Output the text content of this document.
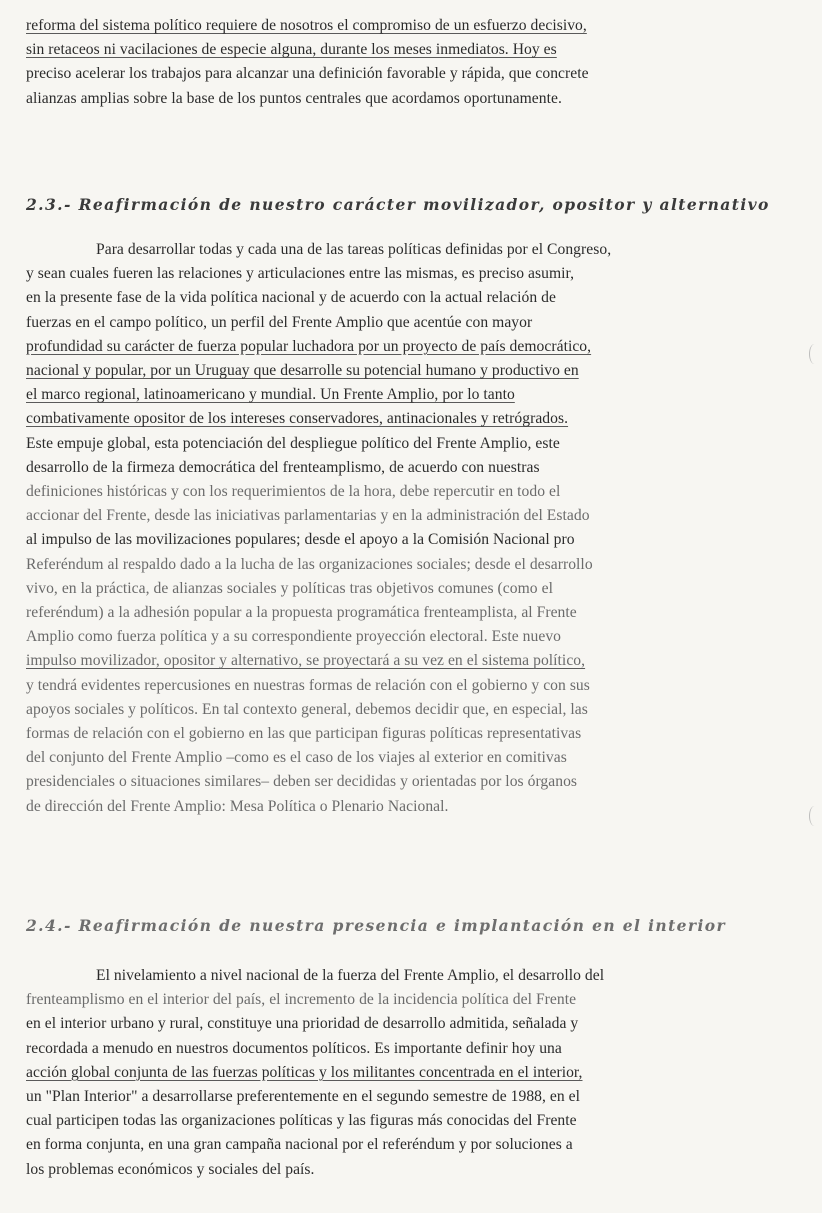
reforma del sistema político requiere de nosotros el compromiso de un esfuerzo decisivo,
sin retaceos ni vacilaciones de especie alguna, durante los meses inmediatos. Hoy es
preciso acelerar los trabajos para alcanzar una definición favorable y rápida, que concrete
alianzas amplias sobre la base de los puntos centrales que acordamos oportunamente.

2.3.- Reafirmación de nuestro carácter movilizador, opositor y alternativo

Para desarrollar todas y cada una de las tareas políticas definidas por el Congreso,
y sean cuales fueren las relaciones y articulaciones entre las mismas, es preciso asumir,
en la presente fase de la vida política nacional y de acuerdo con la actual relación de
fuerzas en el campo político, un perfil del Frente Amplio que acentúe con mayor
profundidad su carácter de fuerza popular luchadora por un proyecto de país democrático,
nacional y popular, por un Uruguay que desarrolle su potencial humano y productivo en
el marco regional, latinoamericano y mundial. Un Frente Amplio, por lo tanto
combativamente opositor de los intereses conservadores, antinacionales y retrógrados.
Este empuje global, esta potenciación del despliegue político del Frente Amplio, este
desarrollo de la firmeza democrática del frenteamplismo, de acuerdo con nuestras
definiciones históricas y con los requerimientos de la hora, debe repercutir en todo el
accionar del Frente, desde las iniciativas parlamentarias y en la administración del Estado
al impulso de las movilizaciones populares; desde el apoyo a la Comisión Nacional pro
Referéndum al respaldo dado a la lucha de las organizaciones sociales; desde el desarrollo
vivo, en la práctica, de alianzas sociales y políticas tras objetivos comunes (como el
referéndum) a la adhesión popular a la propuesta programática frenteamplista, al Frente
Amplio como fuerza política y a su correspondiente proyección electoral. Este nuevo
impulso movilizador, opositor y alternativo, se proyectará a su vez en el sistema político,
y tendrá evidentes repercusiones en nuestras formas de relación con el gobierno y con sus
apoyos sociales y políticos. En tal contexto general, debemos decidir que, en especial, las
formas de relación con el gobierno en las que participan figuras políticas representativas
del conjunto del Frente Amplio –como es el caso de los viajes al exterior en comitivas
presidenciales o situaciones similares– deben ser decididas y orientadas por los órganos
de dirección del Frente Amplio: Mesa Política o Plenario Nacional.

2.4.- Reafirmación de nuestra presencia e implantación en el interior

El nivelamiento a nivel nacional de la fuerza del Frente Amplio, el desarrollo del
frenteamplismo en el interior del país, el incremento de la incidencia política del Frente
en el interior urbano y rural, constituye una prioridad de desarrollo admitida, señalada y
recordada a menudo en nuestros documentos políticos. Es importante definir hoy una
acción global conjunta de las fuerzas políticas y los militantes concentrada en el interior,
un "Plan Interior" a desarrollarse preferentemente en el segundo semestre de 1988, en el
cual participen todas las organizaciones políticas y las figuras más conocidas del Frente
en forma conjunta, en una gran campaña nacional por el referéndum y por soluciones a
los problemas económicos y sociales del país.
